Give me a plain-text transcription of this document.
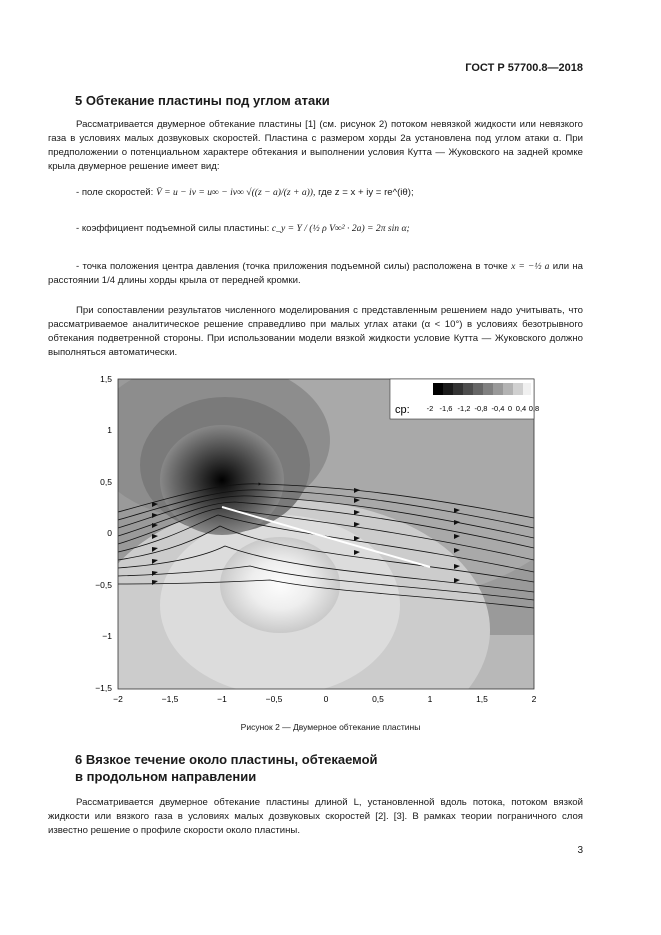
ГОСТ Р 57700.8—2018
5 Обтекание пластины под углом атаки
Рассматривается двумерное обтекание пластины [1] (см. рисунок 2) потоком невязкой жидкости или невязкого газа в условиях малых дозвуковых скоростей. Пластина с размером хорды 2a установлена под углом атаки α. При предположении о потенциальном характере обтекания и выполнении условия Кутта — Жуковского на задней кромке крыла двумерное решение имеет вид:
- поле скоростей: V̄ = u − iv = u∞ − iv∞ √((z − a)/(z + a)), где z = x + iy = re^(iθ);
- коэффициент подъемной силы пластины: c_y = Y / (½ ρ V∞² · 2a) = 2π sin α;
- точка положения центра давления (точка приложения подъемной силы) расположена в точке x = −½ a или на расстоянии 1/4 длины хорды крыла от передней кромки.
При сопоставлении результатов численного моделирования с представленным решением надо учитывать, что рассматриваемое аналитическое решение справедливо при малых углах атаки (α < 10°) в условиях безотрывного обтекания подветренной стороны. При использовании модели вязкой жидкости условие Кутта — Жуковского должно выполняться автоматически.
cp: -2 -1,6 -1,2 -0,8 -0,4 0 0,4 0,8
1,5
1
0,5
0
−0,5
−1
−1,5
−2	−1,5	−1	−0,5	0	0,5	1	1,5	2
Рисунок 2 — Двумерное обтекание пластины
6 Вязкое течение около пластины, обтекаемой
в продольном направлении
Рассматривается двумерное обтекание пластины длиной L, установленной вдоль потока, потоком вязкой жидкости или вязкого газа в условиях малых дозвуковых скоростей [2]. [3]. В рамках теории пограничного слоя известно решение о профиле скорости около пластины.
3
